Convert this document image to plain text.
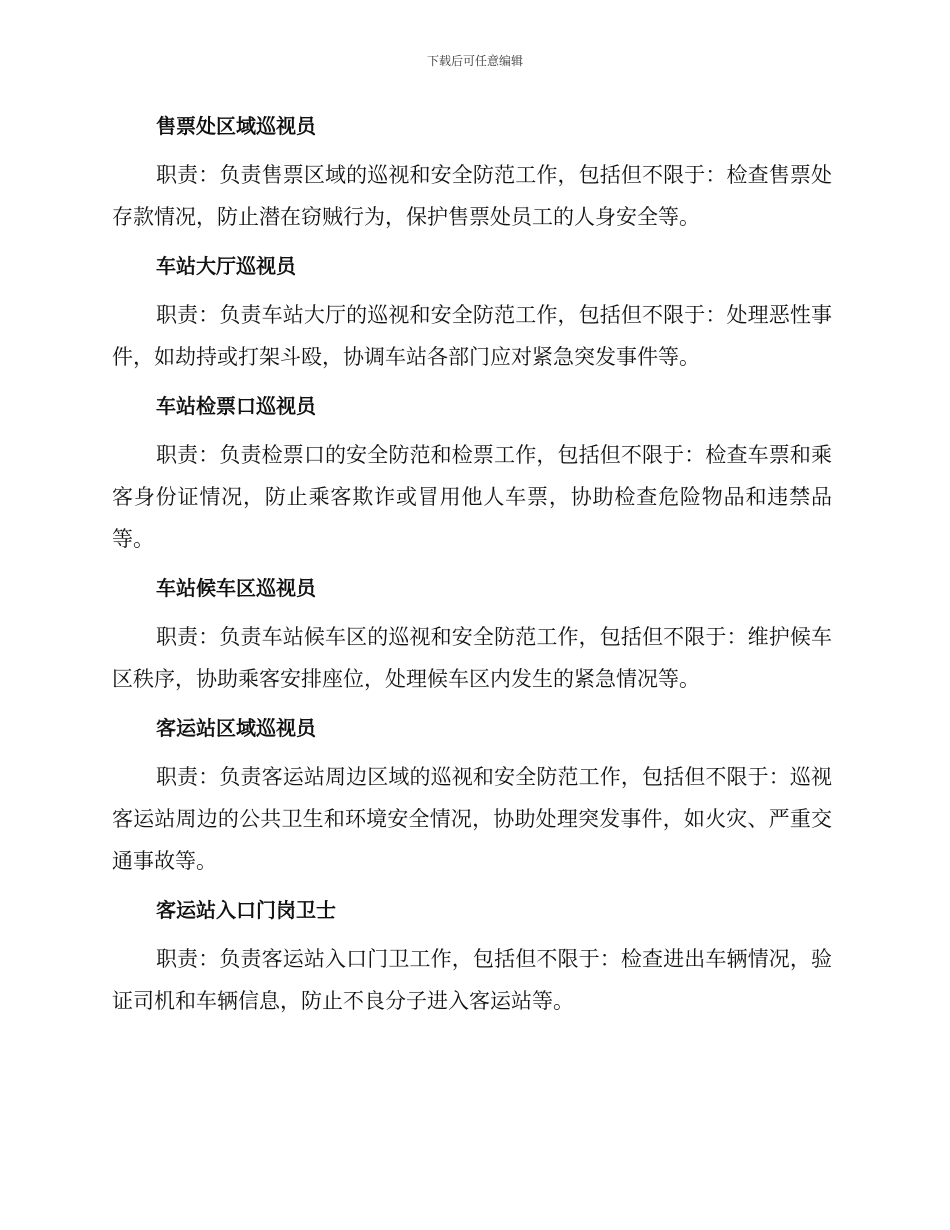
下载后可任意编辑
售票处区域巡视员

职责：负责售票区域的巡视和安全防范工作，包括但不限于：检查售票处存款情况，防止潜在窃贼行为，保护售票处员工的人身安全等。

车站大厅巡视员

职责：负责车站大厅的巡视和安全防范工作，包括但不限于：处理恶性事件，如劫持或打架斗殴，协调车站各部门应对紧急突发事件等。

车站检票口巡视员

职责：负责检票口的安全防范和检票工作，包括但不限于：检查车票和乘客身份证情况，防止乘客欺诈或冒用他人车票，协助检查危险物品和违禁品等。

车站候车区巡视员

职责：负责车站候车区的巡视和安全防范工作，包括但不限于：维护候车区秩序，协助乘客安排座位，处理候车区内发生的紧急情况等。

客运站区域巡视员

职责：负责客运站周边区域的巡视和安全防范工作，包括但不限于：巡视客运站周边的公共卫生和环境安全情况，协助处理突发事件，如火灾、严重交通事故等。

客运站入口门岗卫士

职责：负责客运站入口门卫工作，包括但不限于：检查进出车辆情况，验证司机和车辆信息，防止不良分子进入客运站等。
